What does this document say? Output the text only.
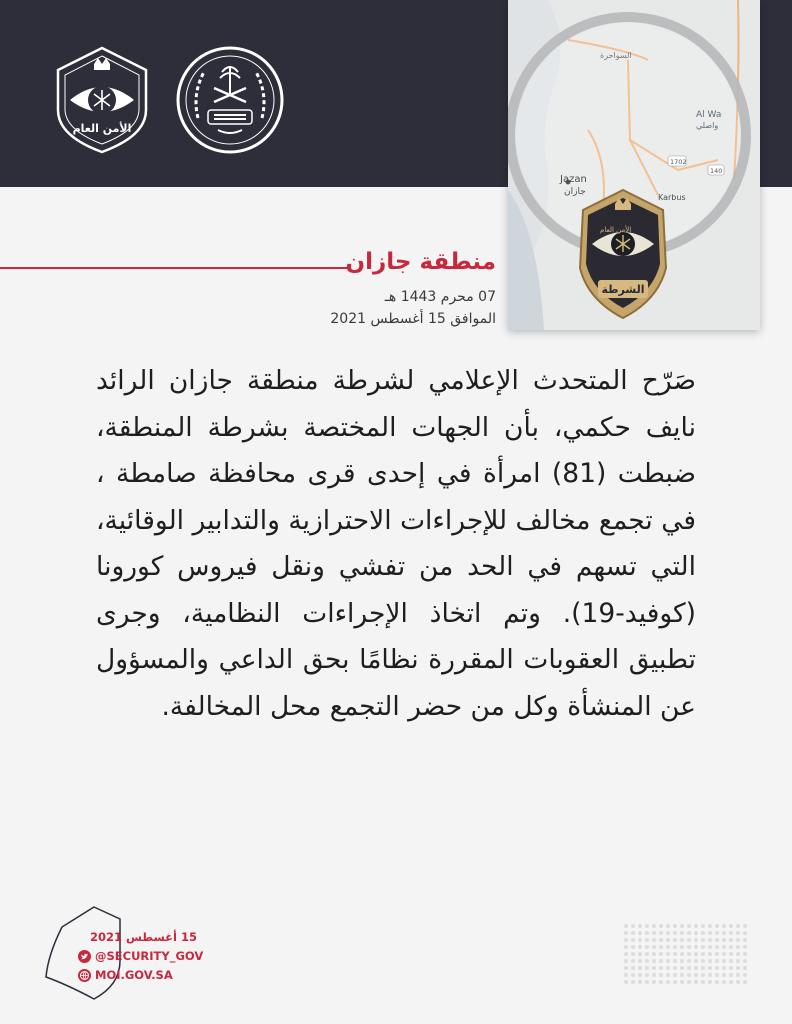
الأمن العام
السواحرة
Al Wa
واصلي
1702
140
Jazan
جازان
Karbus
الأمن العام
الشرطة
منطقة جازان

07 محرم 1443 هـ

الموافق 15 أغسطس 2021

صَرّح المتحدث الإعلامي لشرطة منطقة جازان الرائد نايف حكمي، بأن الجهات المختصة بشرطة المنطقة، ضبطت (81) امرأة في إحدى قرى محافظة صامطة ، في تجمع مخالف للإجراءات الاحترازية والتدابير الوقائية، التي تسهم في الحد من تفشي ونقل فيروس كورونا (كوفيد-19). وتم اتخاذ الإجراءات النظامية، وجرى تطبيق العقوبات المقررة نظامًا بحق الداعي والمسؤول عن المنشأة وكل من حضر التجمع محل المخالفة.

15 أغسطس 2021
@SECURITY_GOV
MOI.GOV.SA
